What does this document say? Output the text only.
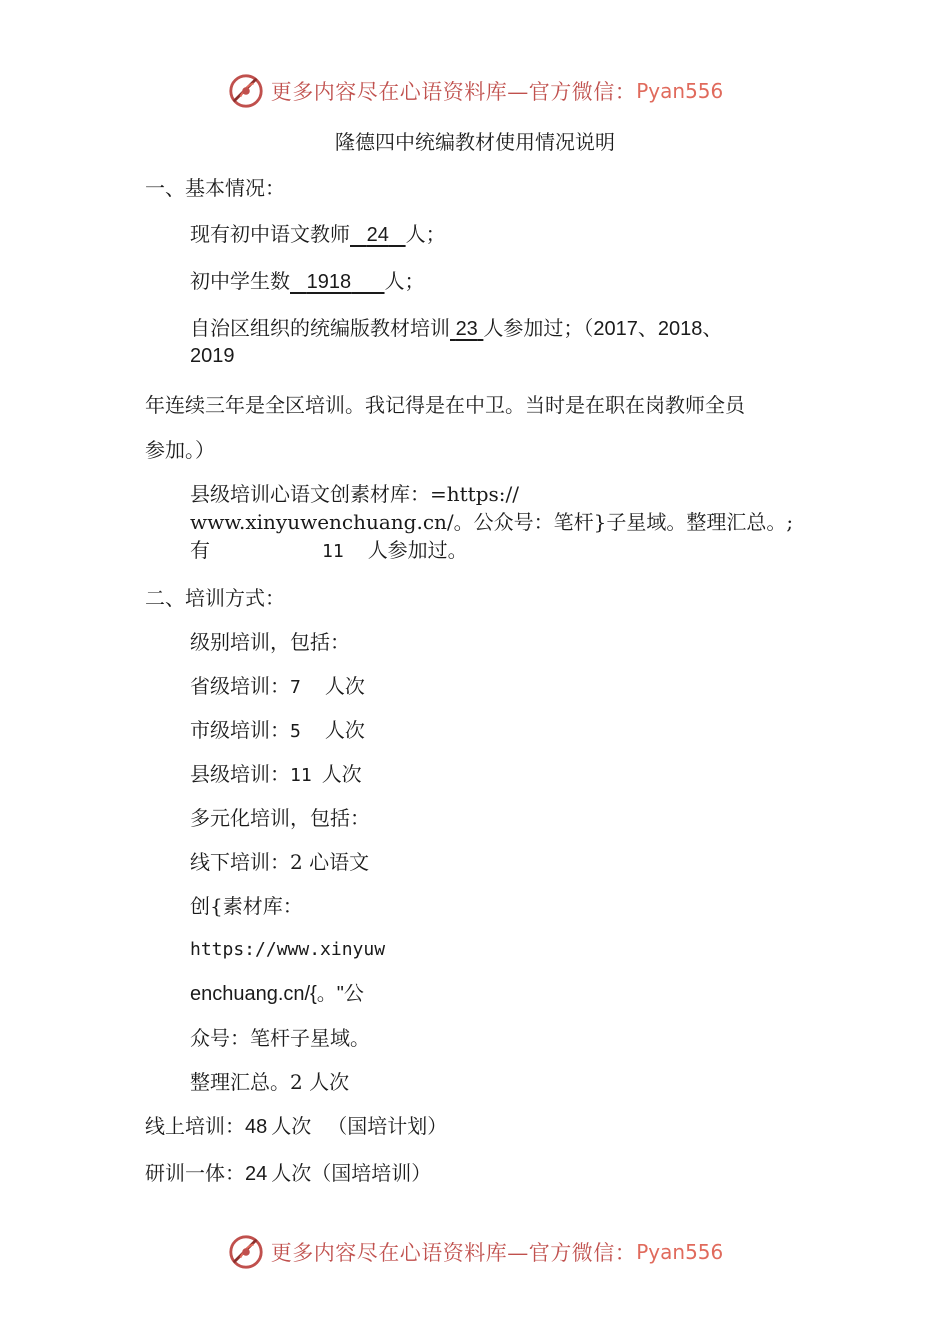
更多内容尽在心语资料库—官方微信： Pyan556
隆德四中统编教材使用情况说明
一、基本情况：
现有初中语文教师 24 人；
初中学生数 1918 人；
自治区组织的统编版教材培训 23 人参加过；（2017、2018、
2019
年连续三年是全区培训。我记得是在中卫。当时是在职在岗教师全员
参加。）
县级培训心语文创素材库：=https://
www.xinyuwenchuang.cn/。公众号：笔杆}子星域。整理汇总。;
有	11 人参加过。
二、培训方式：
级别培训，包括：
省级培训：7 人次
市级培训：5 人次
县级培训：11 人次
多元化培训，包括：
线下培训：2 心语文
创{素材库：
https://www.xinyuw
enchuang.cn/{。"公
众号：笔杆子星域。
整理汇总。2 人次
线上培训：48 人次 （国培计划）
研训一体：24 人次（国培培训）
更多内容尽在心语资料库—官方微信： Pyan556
